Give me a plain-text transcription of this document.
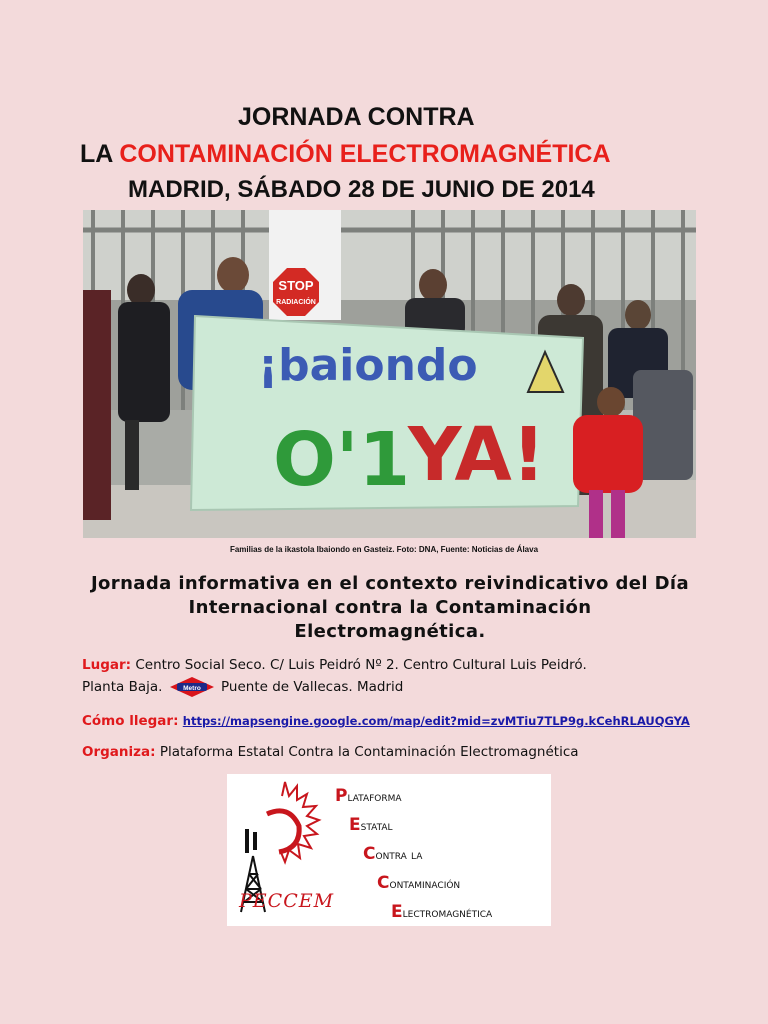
JORNADA CONTRA
LA CONTAMINACIÓN ELECTROMAGNÉTICA
MADRID, SÁBADO 28 DE JUNIO DE 2014
STOP
RADIACIÓN
¡baiondo
O'1
YA!
Familias de la ikastola Ibaiondo en Gasteiz. Foto: DNA, Fuente: Noticias de Álava
Jornada informativa en el contexto reivindicativo del Día Internacional contra la Contaminación Electromagnética.
Lugar: Centro Social Seco. C/ Luis Peidró Nº 2. Centro Cultural Luis Peidró.
Planta Baja.	Metro Puente de Vallecas. Madrid
Cómo llegar: https://mapsengine.google.com/map/edit?mid=zvMTiu7TLP9g.kCehRLAUQGYA
Organiza: Plataforma Estatal Contra la Contaminación Electromagnética
PECCEM
Plataforma
Estatal
Contra la
Contaminación
Electromagnética
